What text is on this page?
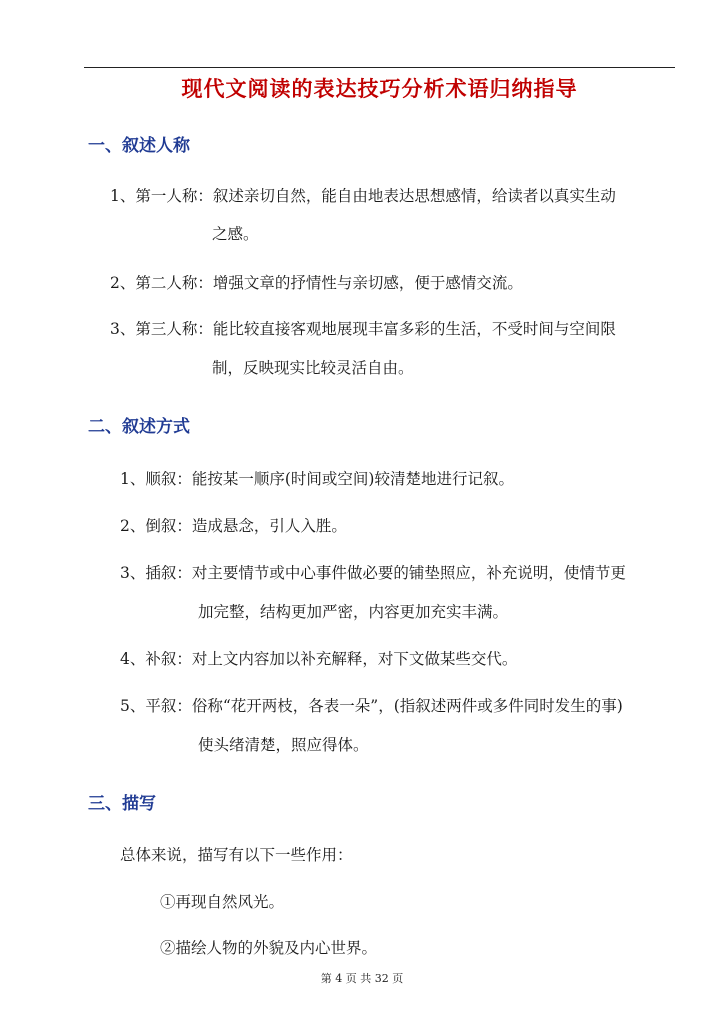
现代文阅读的表达技巧分析术语归纳指导
一、叙述人称
1、第一人称：叙述亲切自然，能自由地表达思想感情，给读者以真实生动
之感。
2、第二人称：增强文章的抒情性与亲切感，便于感情交流。
3、第三人称：能比较直接客观地展现丰富多彩的生活，不受时间与空间限
制，反映现实比较灵活自由。
二、叙述方式
1、顺叙：能按某一顺序(时间或空间)较清楚地进行记叙。
2、倒叙：造成悬念，引人入胜。
3、插叙：对主要情节或中心事件做必要的铺垫照应，补充说明，使情节更
加完整，结构更加严密，内容更加充实丰满。
4、补叙：对上文内容加以补充解释，对下文做某些交代。
5、平叙：俗称“花开两枝，各表一朵”，(指叙述两件或多件同时发生的事)
使头绪清楚，照应得体。
三、描写
总体来说，描写有以下一些作用：
①再现自然风光。
②描绘人物的外貌及内心世界。
第 4 页 共 32 页
